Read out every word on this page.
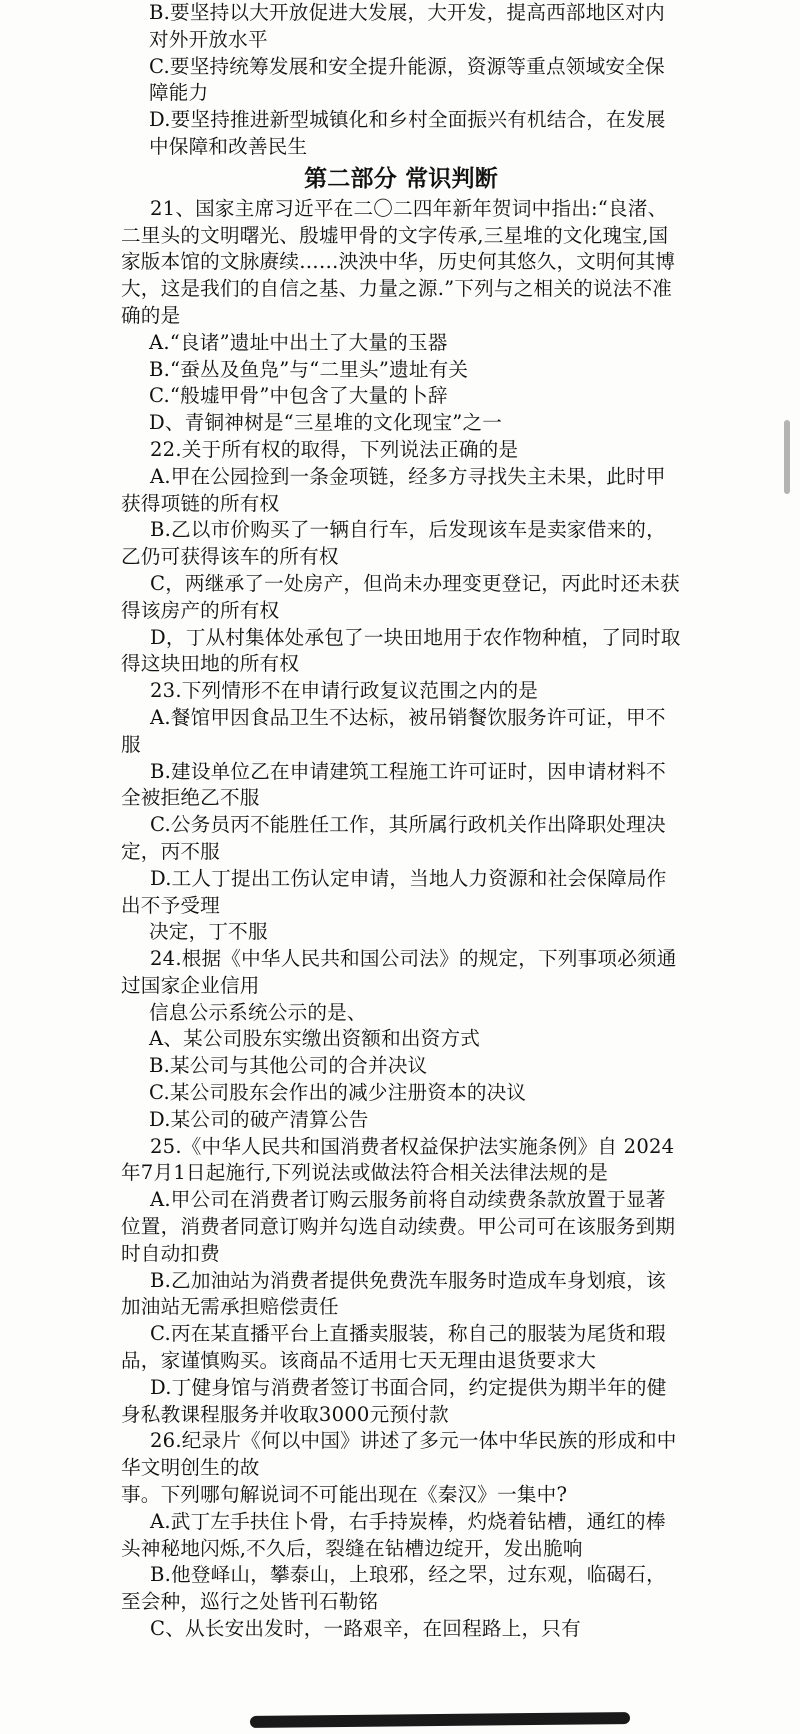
B.要坚持以大开放促进大发展，大开发，提高西部地区对内对外开放水平

C.要坚持统筹发展和安全提升能源，资源等重点领域安全保障能力

D.要坚持推进新型城镇化和乡村全面振兴有机结合，在发展中保障和改善民生

第二部分 常识判断

21、国家主席习近平在二〇二四年新年贺词中指出:“良渚、二里头的文明曙光、殷墟甲骨的文字传承,三星堆的文化瑰宝,国家版本馆的文脉赓续……泱泱中华，历史何其悠久，文明何其博大，这是我们的自信之基、力量之源.”下列与之相关的说法不准确的是

A.“良诸”遗址中出土了大量的玉器

B.“蚕丛及鱼凫”与“二里头”遗址有关

C.“般墟甲骨”中包含了大量的卜辞

D、青铜神树是“三星堆的文化现宝”之一

22.关于所有权的取得，下列说法正确的是

A.甲在公园捡到一条金项链，经多方寻找失主未果，此时甲获得项链的所有权

B.乙以市价购买了一辆自行车，后发现该车是卖家借来的，乙仍可获得该车的所有权

C，两继承了一处房产，但尚未办理变更登记，丙此时还未获得该房产的所有权

D，丁从村集体处承包了一块田地用于农作物种植，了同时取得这块田地的所有权

23.下列情形不在申请行政复议范围之内的是

A.餐馆甲因食品卫生不达标，被吊销餐饮服务许可证，甲不服

B.建设单位乙在申请建筑工程施工许可证时，因申请材料不全被拒绝乙不服

C.公务员丙不能胜任工作，其所属行政机关作出降职处理决定，丙不服

D.工人丁提出工伤认定申请，当地人力资源和社会保障局作出不予受理

决定，丁不服

24.根据《中华人民共和国公司法》的规定，下列事项必须通过国家企业信用

信息公示系统公示的是、

A、某公司股东实缴出资额和出资方式

B.某公司与其他公司的合并决议

C.某公司股东会作出的减少注册资本的决议

D.某公司的破产清算公告

25.《中华人民共和国消费者权益保护法实施条例》自 2024年7月1日起施行,下列说法或做法符合相关法律法规的是

A.甲公司在消费者订购云服务前将自动续费条款放置于显著位置，消费者同意订购并勾选自动续费。甲公司可在该服务到期时自动扣费

B.乙加油站为消费者提供免费洗车服务时造成车身划痕，该加油站无需承担赔偿责任

C.丙在某直播平台上直播卖服装，称自己的服装为尾货和瑕品，家谨慎购买。该商品不适用七天无理由退货要求大

D.丁健身馆与消费者签订书面合同，约定提供为期半年的健身私教课程服务并收取3000元预付款

26.纪录片《何以中国》讲述了多元一体中华民族的形成和中华文明创生的故

事。下列哪句解说词不可能出现在《秦汉》一集中?

A.武丁左手扶住卜骨，右手持炭棒，灼烧着钻槽，通红的棒头神秘地闪烁,不久后，裂缝在钻槽边绽开，发出脆响

B.他登峄山，攀泰山，上琅邪，经之罘，过东观，临碣石，至会种，巡行之处皆刊石勒铭

C、从长安出发时，一路艰辛，在回程路上，只有
